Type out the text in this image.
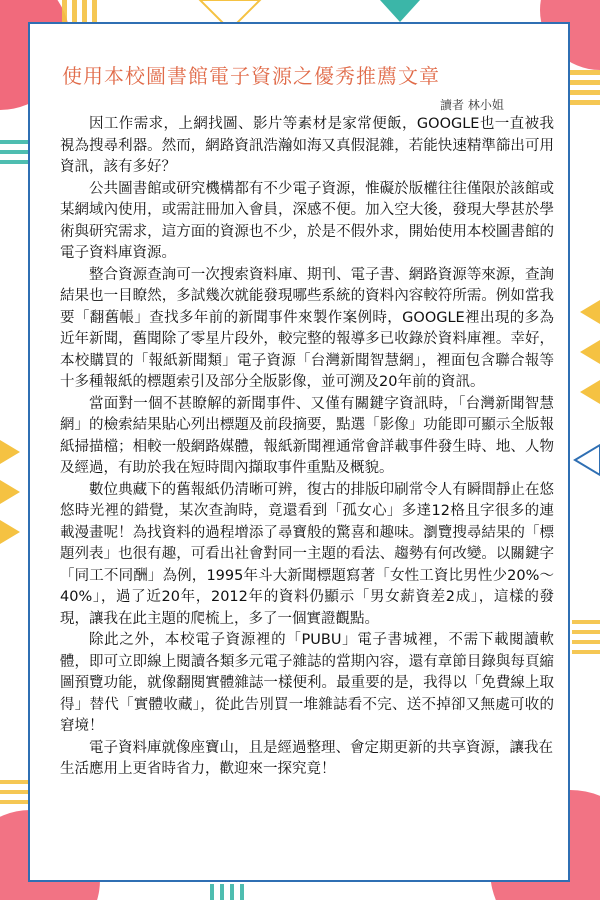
使用本校圖書館電子資源之優秀推薦文章
讀者 林小姐

因工作需求，上網找圖、影片等素材是家常便飯，GOOGLE也一直被我視為搜尋利器。然而，網路資訊浩瀚如海又真假混雜，若能快速精準篩出可用資訊，該有多好？

公共圖書館或研究機構都有不少電子資源，惟礙於版權往往僅限於該館或某網域內使用，或需註冊加入會員，深感不便。加入空大後，發現大學甚於學術與研究需求，這方面的資源也不少，於是不假外求，開始使用本校圖書館的電子資料庫資源。

整合資源查詢可一次搜索資料庫、期刊、電子書、網路資源等來源，查詢結果也一目瞭然，多試幾次就能發現哪些系統的資料內容較符所需。例如當我要「翻舊帳」查找多年前的新聞事件來製作案例時，GOOGLE裡出現的多為近年新聞，舊聞除了零星片段外，較完整的報導多已收錄於資料庫裡。幸好，本校購買的「報紙新聞類」電子資源「台灣新聞智慧網」，裡面包含聯合報等十多種報紙的標題索引及部分全版影像，並可溯及20年前的資訊。

當面對一個不甚瞭解的新聞事件、又僅有關鍵字資訊時，「台灣新聞智慧網」的檢索結果貼心列出標題及前段摘要，點選「影像」功能即可顯示全版報紙掃描檔；相較一般網路媒體，報紙新聞裡通常會詳載事件發生時、地、人物及經過，有助於我在短時間內擷取事件重點及概貌。

數位典藏下的舊報紙仍清晰可辨，復古的排版印刷常令人有瞬間靜止在悠悠時光裡的錯覺，某次查詢時，竟還看到「孤女心」多達12格且字很多的連載漫畫呢！為找資料的過程增添了尋寶般的驚喜和趣味。瀏覽搜尋結果的「標題列表」也很有趣，可看出社會對同一主題的看法、趨勢有何改變。以關鍵字「同工不同酬」為例，1995年斗大新聞標題寫著「女性工資比男性少20%～40%」，過了近20年，2012年的資料仍顯示「男女薪資差2成」，這樣的發現，讓我在此主題的爬梳上，多了一個實證觀點。

除此之外，本校電子資源裡的「PUBU」電子書城裡，不需下載閱讀軟體，即可立即線上閱讀各類多元電子雜誌的當期內容，還有章節目錄與每頁縮圖預覽功能，就像翻閱實體雜誌一樣便利。最重要的是，我得以「免費線上取得」替代「實體收藏」，從此告別買一堆雜誌看不完、送不掉卻又無處可收的窘境！

電子資料庫就像座寶山，且是經過整理、會定期更新的共享資源，讓我在生活應用上更省時省力，歡迎來一探究竟！
